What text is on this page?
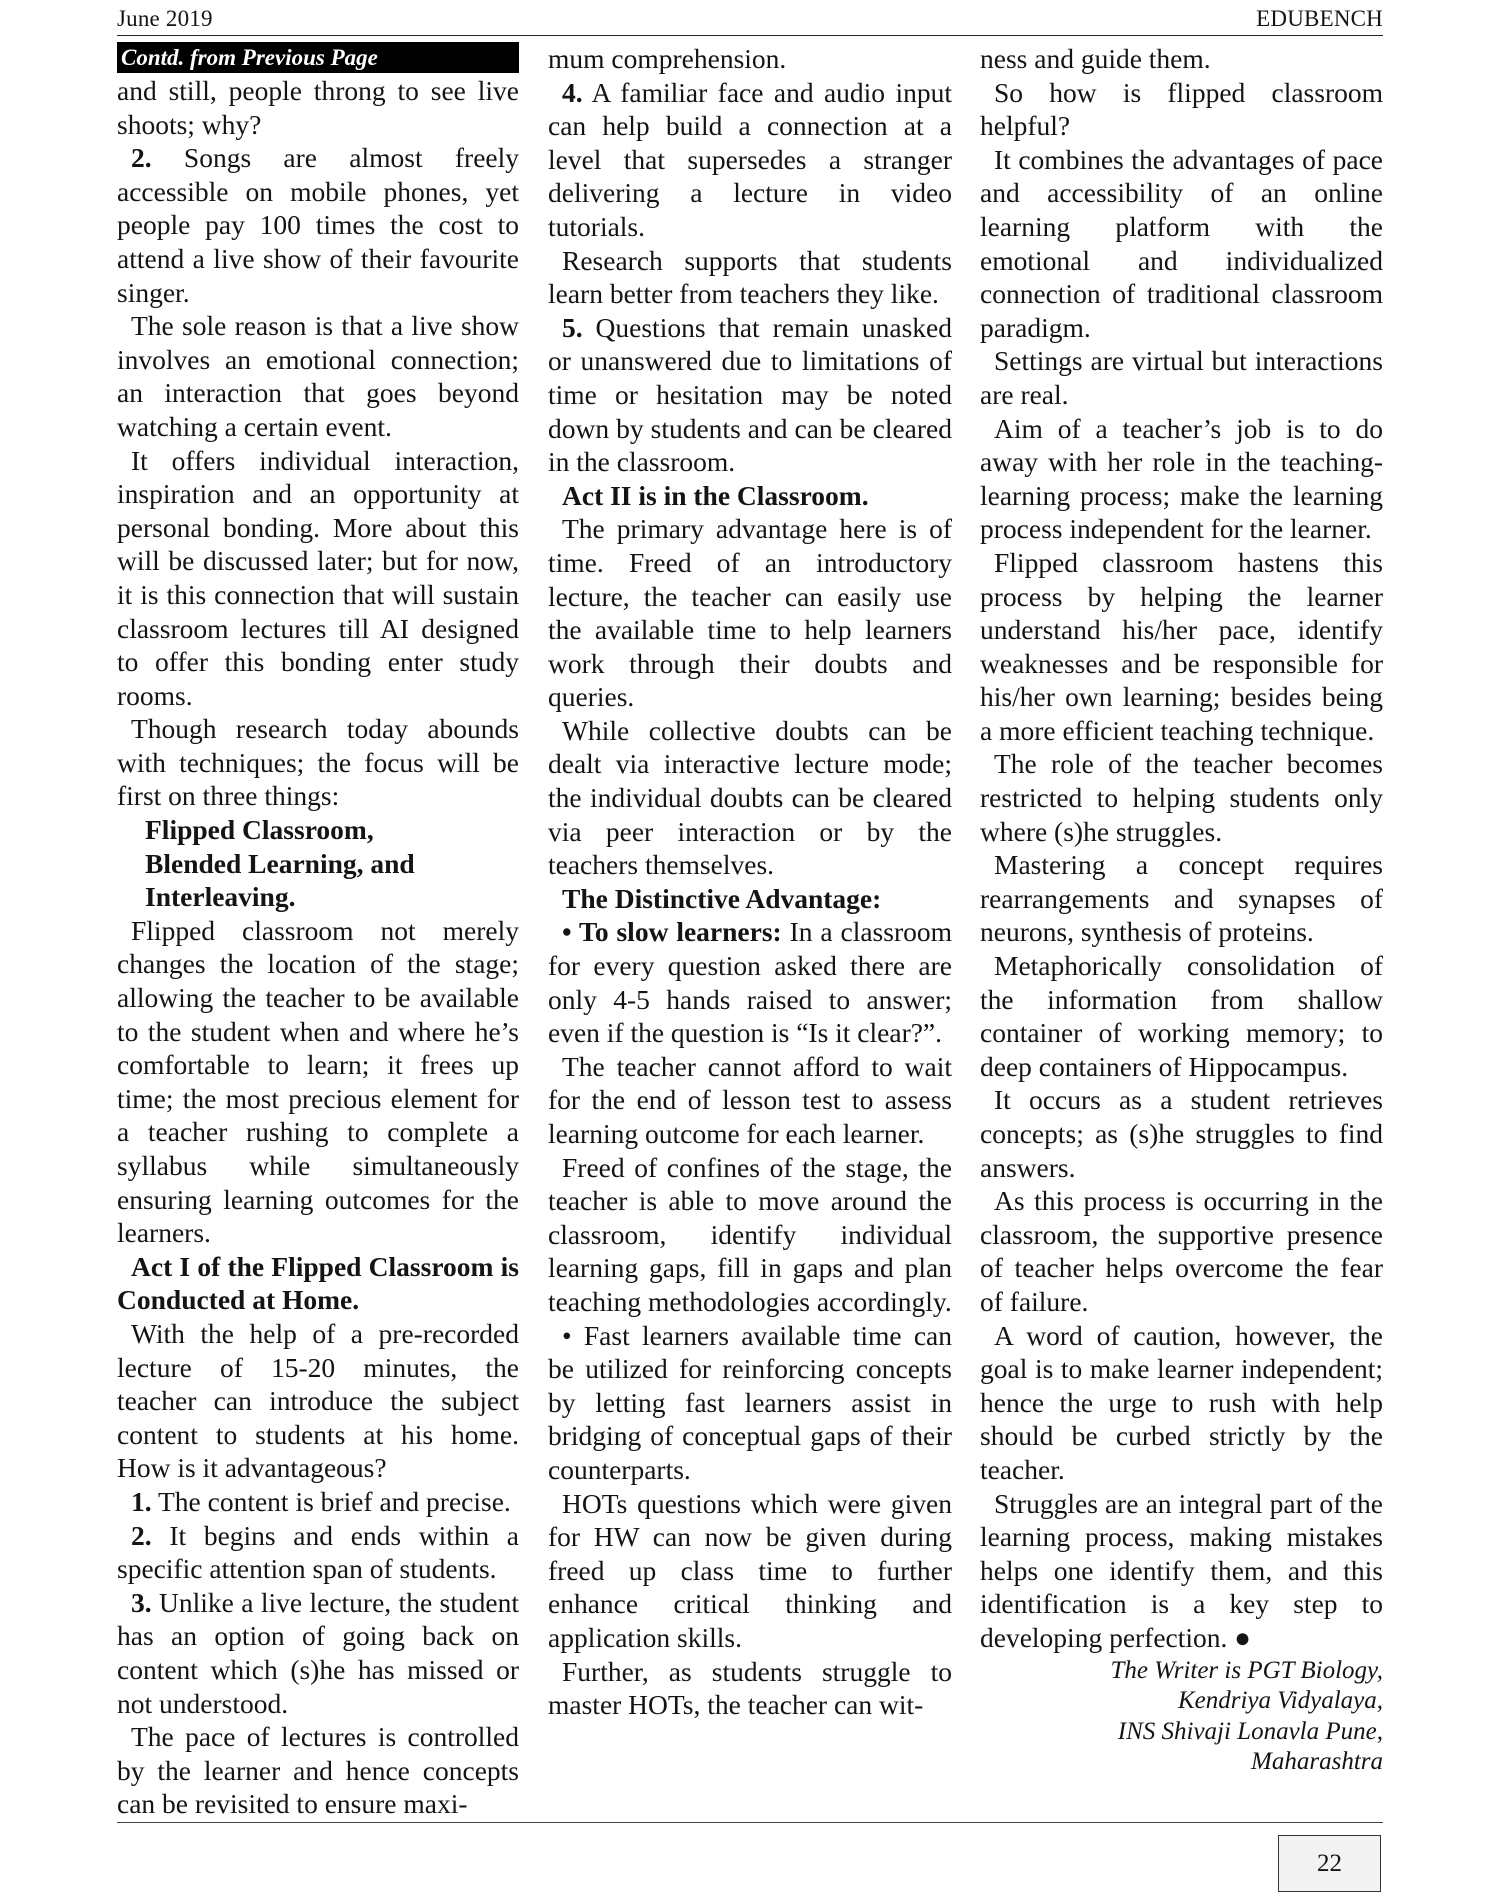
June 2019	EDUBENCH
Contd. from Previous Page

and still, people throng to see live shoots; why?

2. Songs are almost freely accessible on mobile phones, yet people pay 100 times the cost to attend a live show of their favourite singer.

The sole reason is that a live show involves an emotional connection; an interaction that goes beyond watching a certain event.

It offers individual interaction, inspiration and an opportunity at personal bonding. More about this will be discussed later; but for now, it is this connection that will sustain classroom lectures till AI designed to offer this bonding enter study rooms.

Though research today abounds with techniques; the focus will be first on three things:

Flipped Classroom,

Blended Learning, and

Interleaving.

Flipped classroom not merely changes the location of the stage; allowing the teacher to be available to the student when and where he’s comfortable to learn; it frees up time; the most precious element for a teacher rushing to complete a syllabus while simultaneously ensuring learning outcomes for the learners.

Act I of the Flipped Classroom is Conducted at Home.

With the help of a pre-recorded lecture of 15-20 minutes, the teacher can introduce the subject content to students at his home. How is it advantageous?

1. The content is brief and precise.

2. It begins and ends within a specific attention span of students.

3. Unlike a live lecture, the student has an option of going back on content which (s)he has missed or not understood.

The pace of lectures is controlled by the learner and hence concepts can be revisited to ensure maxi-

mum comprehension.

4. A familiar face and audio input can help build a connection at a level that supersedes a stranger delivering a lecture in video tutorials.

Research supports that students learn better from teachers they like.

5. Questions that remain unasked or unanswered due to limitations of time or hesitation may be noted down by students and can be cleared in the classroom.

Act II is in the Classroom.

The primary advantage here is of time. Freed of an introductory lecture, the teacher can easily use the available time to help learners work through their doubts and queries.

While collective doubts can be dealt via interactive lecture mode; the individual doubts can be cleared via peer interaction or by the teachers themselves.

The Distinctive Advantage:

• To slow learners: In a classroom for every question asked there are only 4-5 hands raised to answer; even if the question is “Is it clear?”.

The teacher cannot afford to wait for the end of lesson test to assess learning outcome for each learner.

Freed of confines of the stage, the teacher is able to move around the classroom, identify individual learning gaps, fill in gaps and plan teaching methodologies accordingly.

• Fast learners available time can be utilized for reinforcing concepts by letting fast learners assist in bridging of conceptual gaps of their counterparts.

HOTs questions which were given for HW can now be given during freed up class time to further enhance critical thinking and application skills.

Further, as students struggle to master HOTs, the teacher can wit-

ness and guide them.

So how is flipped classroom helpful?

It combines the advantages of pace and accessibility of an online learning platform with the emotional and individualized connection of traditional classroom paradigm.

Settings are virtual but interactions are real.

Aim of a teacher’s job is to do away with her role in the teaching-learning process; make the learning process independent for the learner.

Flipped classroom hastens this process by helping the learner understand his/her pace, identify weaknesses and be responsible for his/her own learning; besides being a more efficient teaching technique.

The role of the teacher becomes restricted to helping students only where (s)he struggles.

Mastering a concept requires rearrangements and synapses of neurons, synthesis of proteins.

Metaphorically consolidation of the information from shallow container of working memory; to deep containers of Hippocampus.

It occurs as a student retrieves concepts; as (s)he struggles to find answers.

As this process is occurring in the classroom, the supportive presence of teacher helps overcome the fear of failure.

A word of caution, however, the goal is to make learner independent; hence the urge to rush with help should be curbed strictly by the teacher.

Struggles are an integral part of the learning process, making mistakes helps one identify them, and this identification is a key step to developing perfection. ●

The Writer is PGT Biology,
Kendriya Vidyalaya,
INS Shivaji Lonavla Pune, Maharashtra
22
